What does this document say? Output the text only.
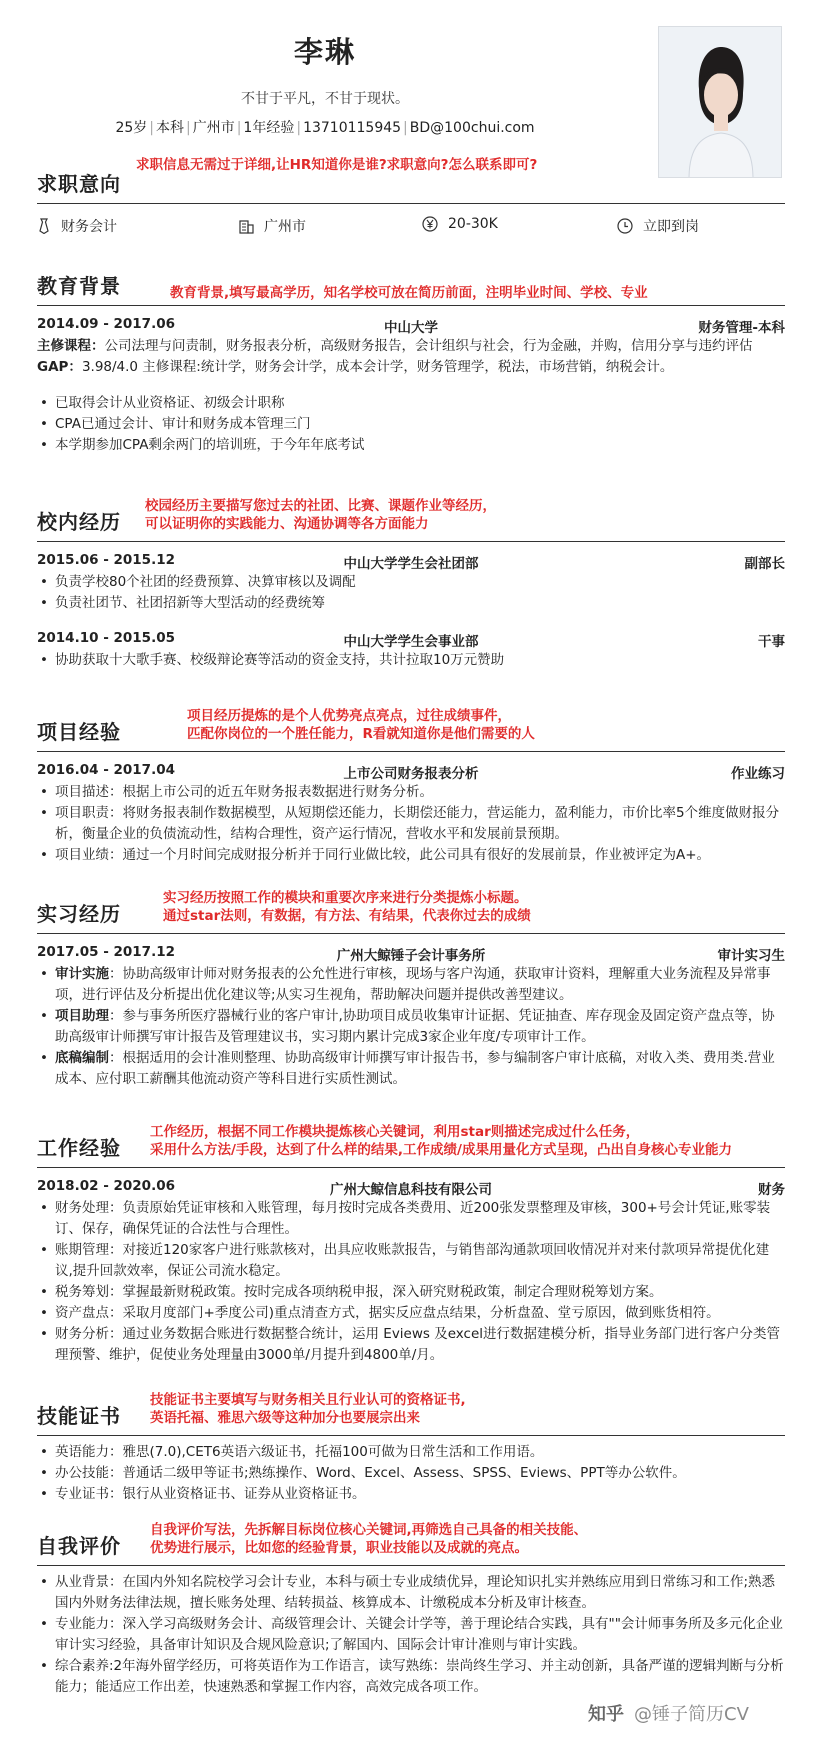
李琳
不甘于平凡，不甘于现状。
25岁 | 本科 | 广州市 | 1年经验 | 13710115945 | BD@100chui.com
求职意向
求职信息无需过于详细,让HR知道你是谁?求职意向?怎么联系即可?
财务会计	广州市	20-30K	立即到岗
教育背景	教育背景,填写最高学历，知名学校可放在简历前面，注明毕业时间、学校、专业
2014.09 - 2017.06	中山大学	财务管理-本科
主修课程：公司法理与问责制，财务报表分析，高级财务报告，会计组织与社会，行为金融，并购，信用分享与违约评估
GAP：3.98/4.0 主修课程:统计学，财务会计学，成本会计学，财务管理学，税法，市场营销，纳税会计。
• 已取得会计从业资格证、初级会计职称
• CPA已通过会计、审计和财务成本管理三门
• 本学期参加CPA剩余两门的培训班，于今年年底考试
校内经历
校园经历主要描写您过去的社团、比赛、课题作业等经历，
可以证明你的实践能力、沟通协调等各方面能力
2015.06 - 2015.12	中山大学学生会社团部	副部长
• 负责学校80个社团的经费预算、决算审核以及调配
• 负责社团节、社团招新等大型活动的经费统筹
2014.10 - 2015.05	中山大学学生会事业部	干事
• 协助获取十大歌手赛、校级辩论赛等活动的资金支持，共计拉取10万元赞助
项目经验
项目经历提炼的是个人优势亮点亮点，过往成绩事件，
匹配你岗位的一个胜任能力，R看就知道你是他们需要的人
2016.04 - 2017.04	上市公司财务报表分析	作业练习
• 项目描述：根据上市公司的近五年财务报表数据进行财务分析。
• 项目职责：将财务报表制作数据模型，从短期偿还能力，长期偿还能力，营运能力，盈利能力，市价比率5个维度做财报分析，衡量企业的负债流动性，结构合理性，资产运行情况，营收水平和发展前景预期。
• 项目业绩：通过一个月时间完成财报分析并于同行业做比较，此公司具有很好的发展前景，作业被评定为A+。
实习经历
实习经历按照工作的模块和重要次序来进行分类提炼小标题。
通过star法则，有数据，有方法、有结果，代表你过去的成绩
2017.05 - 2017.12	广州大鲸锤子会计事务所	审计实习生
• 审计实施：协助高级审计师对财务报表的公允性进行审核，现场与客户沟通，获取审计资料，理解重大业务流程及异常事项，进行评估及分析提出优化建议等;从实习生视角，帮助解决问题并提供改善型建议。
• 项目助理：参与事务所医疗器械行业的客户审计,协助项目成员收集审计证据、凭证抽查、库存现金及固定资产盘点等，协助高级审计师撰写审计报告及管理建议书，实习期内累计完成3家企业年度/专项审计工作。
• 底稿编制：根据适用的会计准则整理、协助高级审计师撰写审计报告书，参与编制客户审计底稿，对收入类、费用类.营业成本、应付职工薪酬其他流动资产等科目进行实质性测试。
工作经验
工作经历，根据不同工作模块提炼核心关键词，利用star则描述完成过什么任务，
采用什么方法/手段，达到了什么样的结果,工作成绩/成果用量化方式呈现，凸出自身核心专业能力
2018.02 - 2020.06	广州大鲸信息科技有限公司	财务
• 财务处理：负责原始凭证审核和入账管理，每月按时完成各类费用、近200张发票整理及审核，300+号会计凭证,账零装订、保存，确保凭证的合法性与合理性。
• 账期管理：对接近120家客户进行账款核对，出具应收账款报告，与销售部沟通款项回收情况并对来付款项异常提优化建议,提升回款效率，保证公司流水稳定。
• 税务筹划：掌握最新财税政策。按时完成各项纳税申报，深入研究财税政策，制定合理财税筹划方案。
• 资产盘点：采取月度部门+季度公司)重点清查方式，据实反应盘点结果，分析盘盈、堂亏原因，做到账货相符。
• 财务分析：通过业务数据合账进行数据整合统计，运用 Eviews 及excel进行数据建模分析，指导业务部门进行客户分类管理预警、维护，促使业务处理量由3000单/月提升到4800单/月。
技能证书
技能证书主要填写与财务相关且行业认可的资格证书,
英语托福、雅思六级等这种加分也要展宗出来
• 英语能力：雅思(7.0),CET6英语六级证书，托福100可做为日常生活和工作用语。
• 办公技能：普通话二级甲等证书;熟练操作、Word、Excel、Assess、SPSS、Eviews、PPT等办公软件。
• 专业证书：银行从业资格证书、证券从业资格证书。
自我评价
自我评价写法，先拆解目标岗位核心关键词,再筛选自己具备的相关技能、
优势进行展示，比如您的经验背景，职业技能以及成就的亮点。
• 从业背景：在国内外知名院校学习会计专业，本科与硕士专业成绩优异，理论知识扎实并熟练应用到日常练习和工作;熟悉国内外财务法律法规，擅长账务处理、结转损益、核算成本、计缴税成本分析及审计核查。
• 专业能力：深入学习高级财务会计、高级管理会计、关键会计学等，善于理论结合实践，具有""会计师事务所及多元化企业审计实习经验，具备审计知识及合规风险意识;了解国内、国际会计审计准则与审计实践。
• 综合素养:2年海外留学经历，可将英语作为工作语言，读写熟练：崇尚终生学习、并主动创新，具备严谨的逻辑判断与分析能力；能适应工作出差，快速熟悉和掌握工作内容，高效完成各项工作。
知乎 @锤子简历CV
